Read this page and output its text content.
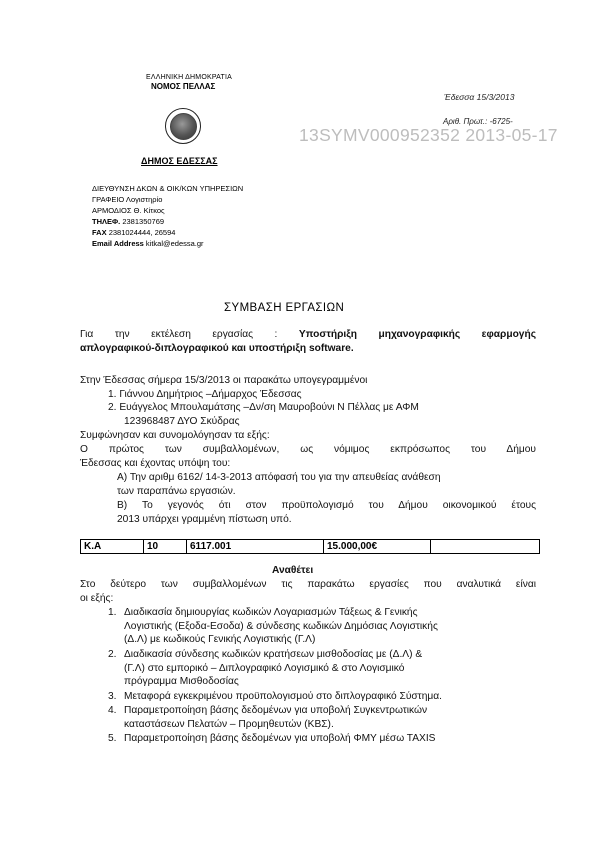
ΕΛΛΗΝΙΚΗ ΔΗΜΟΚΡΑΤΙΑ
ΝΟΜΟΣ ΠΕΛΛΑΣ
ΔΗΜΟΣ ΕΔΕΣΣΑΣ
Έδεσσα 15/3/2013
Αριθ. Πρωτ.: -6725-
13SYMV000952352 2013-05-17
ΔΙΕΥΘΥΝΣΗ ΔΚΩΝ & ΟΙΚ/ΚΩΝ ΥΠΗΡΕΣΙΩΝ
ΓΡΑΦΕΙΟ Λογιστηρίο
ΑΡΜΟΔΙΟΣ Θ. Κίτκος
ΤΗΛΕΦ. 2381350769
FAX 2381024444, 26594
Email Address kitkal@edessa.gr
ΣΥΜΒΑΣΗ ΕΡΓΑΣΙΩΝ
Για την εκτέλεση εργασίας : Υποστήριξη μηχανογραφικής εφαρμογής
απλογραφικού-διπλογραφικού και υποστήριξη software.
Στην Έδεσσας σήμερα 15/3/2013 οι παρακάτω υπογεγραμμένοι
1. Γιάννου Δημήτριος –Δήμαρχος Έδεσσας
2. Ευάγγελος Μπουλαμάτσης –Δν/ση Μαυροβούνι Ν Πέλλας με ΑΦΜ
123968487 ΔΥΟ Σκύδρας
Συμφώνησαν και συνομολόγησαν τα εξής:
Ο πρώτος των συμβαλλομένων, ως νόμιμος εκπρόσωπος του Δήμου
Έδεσσας και έχοντας υπόψη του:
Α) Την αριθμ 6162/ 14-3-2013 απόφασή του για την απευθείας ανάθεση
των παραπάνω εργασιών.
Β) Το γεγονός ότι στον προϋπολογισμό του Δήμου οικονομικού έτους
2013 υπάρχει γραμμένη πίστωση υπό.
Κ.Α	10	6117.001	15.000,00€	
Αναθέτει
Στο δεύτερο των συμβαλλομένων τις παρακάτω εργασίες που αναλυτικά είναι
οι εξής:
1. Διαδικασία δημιουργίας κωδικών Λογαριασμών Τάξεως & Γενικής
Λογιστικής (Εξοδα-Εσοδα) & σύνδεσης κωδικών Δημόσιας Λογιστικής
(Δ.Λ) με κωδικούς Γενικής Λογιστικής (Γ.Λ)
2. Διαδικασία σύνδεσης κωδικών κρατήσεων μισθοδοσίας με (Δ.Λ) &
(Γ.Λ) στο εμπορικό – Διπλογραφικό Λογισμικό & στο Λογισμικό
πρόγραμμα Μισθοδοσίας
3. Μεταφορά εγκεκριμένου προϋπολογισμού στο διπλογραφικό Σύστημα.
4. Παραμετροποίηση βάσης δεδομένων για υποβολή Συγκεντρωτικών
καταστάσεων Πελατών – Προμηθευτών (ΚΒΣ).
5. Παραμετροποίηση βάσης δεδομένων για υποβολή ΦΜΥ μέσω ΤΑΧΙS
